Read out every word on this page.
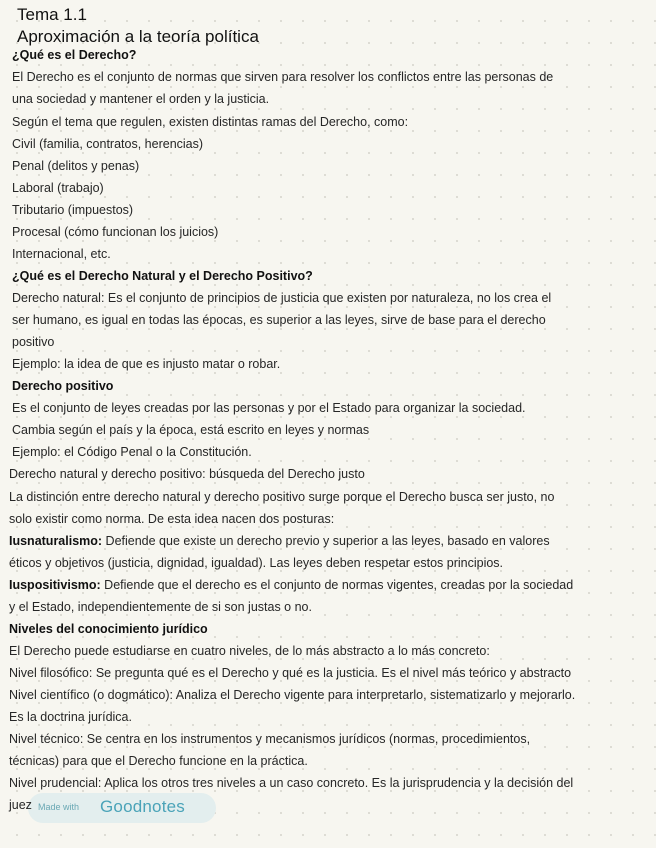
Tema 1.1
Aproximación a la teoría política
¿Qué es el Derecho?
El Derecho es el conjunto de normas que sirven para resolver los conflictos entre las personas de
una sociedad y mantener el orden y la justicia.
Según el tema que regulen, existen distintas ramas del Derecho, como:
Civil (familia, contratos, herencias)
Penal (delitos y penas)
Laboral (trabajo)
Tributario (impuestos)
Procesal (cómo funcionan los juicios)
Internacional, etc.
¿Qué es el Derecho Natural y el Derecho Positivo?
Derecho natural: Es el conjunto de principios de justicia que existen por naturaleza, no los crea el
ser humano, es igual en todas las épocas, es superior a las leyes, sirve de base para el derecho
positivo
Ejemplo: la idea de que es injusto matar o robar.
Derecho positivo
Es el conjunto de leyes creadas por las personas y por el Estado para organizar la sociedad.
Cambia según el país y la época, está escrito en leyes y normas
Ejemplo: el Código Penal o la Constitución.
Derecho natural y derecho positivo: búsqueda del Derecho justo
La distinción entre derecho natural y derecho positivo surge porque el Derecho busca ser justo, no
solo existir como norma. De esta idea nacen dos posturas:
Iusnaturalismo: Defiende que existe un derecho previo y superior a las leyes, basado en valores
éticos y objetivos (justicia, dignidad, igualdad). Las leyes deben respetar estos principios.
Iuspositivismo: Defiende que el derecho es el conjunto de normas vigentes, creadas por la sociedad
y el Estado, independientemente de si son justas o no.
Niveles del conocimiento jurídico
El Derecho puede estudiarse en cuatro niveles, de lo más abstracto a lo más concreto:
Nivel filosófico: Se pregunta qué es el Derecho y qué es la justicia. Es el nivel más teórico y abstracto
Nivel científico (o dogmático): Analiza el Derecho vigente para interpretarlo, sistematizarlo y mejorarlo.
Es la doctrina jurídica.
Nivel técnico: Se centra en los instrumentos y mecanismos jurídicos (normas, procedimientos,
técnicas) para que el Derecho funcione en la práctica.
Nivel prudencial: Aplica los otros tres niveles a un caso concreto. Es la jurisprudencia y la decisión del
Made with Goodnotes
juez
